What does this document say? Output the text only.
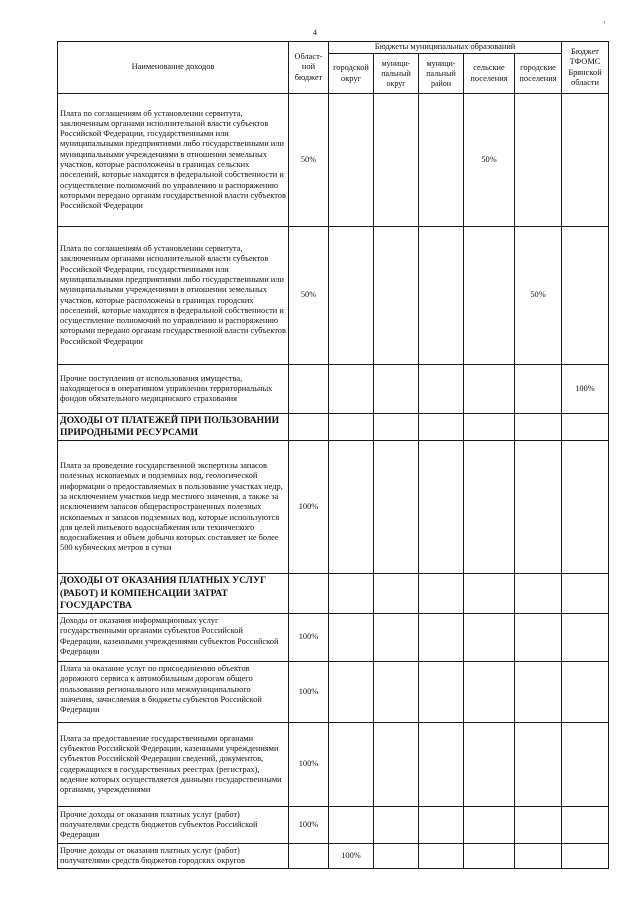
4
’
Наименование доходов	Област-ной бюджет	Бюджеты муниципальных образований					Бюджет ТФОМС Брянской области
		городской округ	муници-пальный округ	муници-пальный район	сельские поселения	городские поселения	
Плата по соглашениям об установлении сервитута, заключенным органами исполнительной власти субъектов Российской Федерации, государственными или муниципальными предприятиями либо государственными или муниципальными учреждениями в отношении земельных участков, которые расположены в границах сельских поселений, которые находятся в федеральной собственности и осуществление полномочий по управлению и распоряжению которыми передано органам государственной власти субъектов Российской Федерации	50%				50%		
Плата по соглашениям об установлении сервитута, заключенным органами исполнительной власти субъектов Российской Федерации, государственными или муниципальными предприятиями либо государственными или муниципальными учреждениями в отношении земельных участков, которые расположены в границах городских поселений, которые находятся в федеральной собственности и осуществление полномочий по управлению и распоряжению которыми передано органам государственной власти субъектов Российской Федерации	50%					50%	
Прочие поступления от использования имущества, находящегося в оперативном управлении территориальных фондов обязательного медицинского страхования							100%
ДОХОДЫ ОТ ПЛАТЕЖЕЙ ПРИ ПОЛЬЗОВАНИИ ПРИРОДНЫМИ РЕСУРСАМИ							
Плата за проведение государственной экспертизы запасов полезных ископаемых и подземных вод, геологической информации о предоставляемых в пользование участках недр, за исключением участков недр местного значения, а также за исключением запасов общераспространенных полезных ископаемых и запасов подземных вод, которые используются для целей питьевого водоснабжения или технического водоснабжения и объем добычи которых составляет не более 500 кубических метров в сутки	100%						
ДОХОДЫ ОТ ОКАЗАНИЯ ПЛАТНЫХ УСЛУГ (РАБОТ) И КОМПЕНСАЦИИ ЗАТРАТ ГОСУДАРСТВА							
Доходы от оказания информационных услуг государственными органами субъектов Российской Федерации, казенными учреждениями субъектов Российской Федерации	100%						
Плата за оказание услуг по присоединению объектов дорожного сервиса к автомобильным дорогам общего пользования регионального или межмуниципального значения, зачисляемая в бюджеты субъектов Российской Федерации	100%						
Плата за предоставление государственными органами субъектов Российской Федерации, казенными учреждениями субъектов Российской Федерации сведений, документов, содержащихся в государственных реестрах (регистрах), ведение которых осуществляется данными государственными органами, учреждениями	100%						
Прочие доходы от оказания платных услуг (работ) получателями средств бюджетов субъектов Российской Федерации	100%						
Прочие доходы от оказания платных услуг (работ) получателями средств бюджетов городских округов		100%					
